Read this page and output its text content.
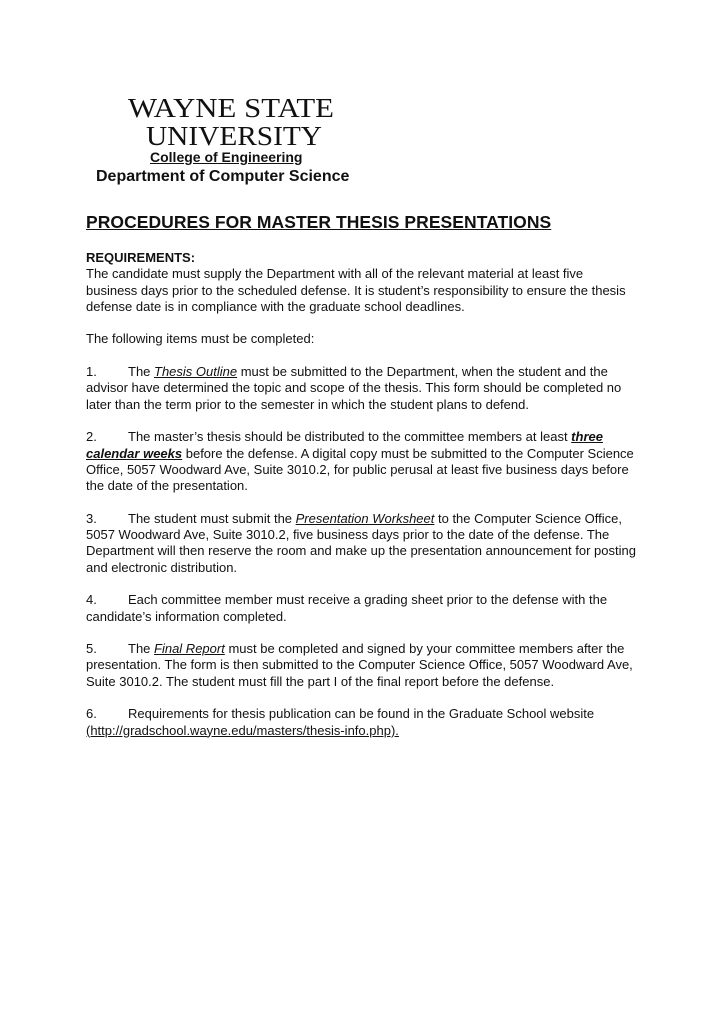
WAYNE STATE
UNIVERSITY
College of Engineering
Department of Computer Science
PROCEDURES FOR MASTER THESIS PRESENTATIONS

REQUIREMENTS:
The candidate must supply the Department with all of the relevant material at least five business days prior to the scheduled defense. It is student’s responsibility to ensure the thesis defense date is in compliance with the graduate school deadlines.

The following items must be completed:

1. The Thesis Outline must be submitted to the Department, when the student and the advisor have determined the topic and scope of the thesis. This form should be completed no later than the term prior to the semester in which the student plans to defend.

2. The master’s thesis should be distributed to the committee members at least three calendar weeks before the defense. A digital copy must be submitted to the Computer Science Office, 5057 Woodward Ave, Suite 3010.2, for public perusal at least five business days before the date of the presentation.

3. The student must submit the Presentation Worksheet to the Computer Science Office, 5057 Woodward Ave, Suite 3010.2, five business days prior to the date of the defense. The Department will then reserve the room and make up the presentation announcement for posting and electronic distribution.

4. Each committee member must receive a grading sheet prior to the defense with the candidate’s information completed.

5. The Final Report must be completed and signed by your committee members after the presentation. The form is then submitted to the Computer Science Office, 5057 Woodward Ave, Suite 3010.2. The student must fill the part I of the final report before the defense.

6. Requirements for thesis publication can be found in the Graduate School website (http://gradschool.wayne.edu/masters/thesis-info.php).
